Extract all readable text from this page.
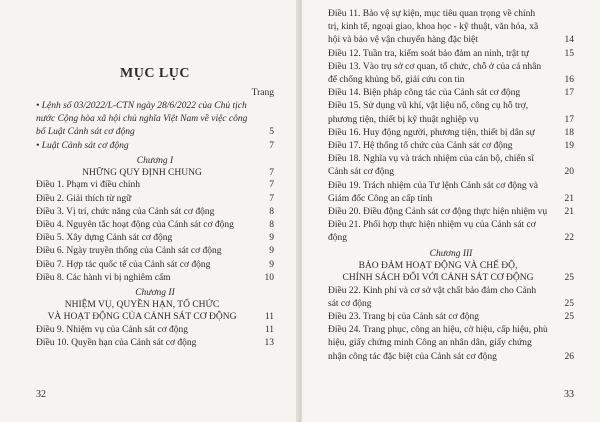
MỤC LỤC
Trang
• Lệnh số 03/2022/L-CTN ngày 28/6/2022 của Chủ tịch nước Cộng hòa xã hội chủ nghĩa Việt Nam về việc công bố Luật Cảnh sát cơ động	5
• Luật Cảnh sát cơ động	7
Chương I
NHỮNG QUY ĐỊNH CHUNG	7
Điều 1. Phạm vi điều chỉnh	7
Điều 2. Giải thích từ ngữ	7
Điều 3. Vị trí, chức năng của Cảnh sát cơ động	8
Điều 4. Nguyên tắc hoạt động của Cảnh sát cơ động	8
Điều 5. Xây dựng Cảnh sát cơ động	9
Điều 6. Ngày truyền thống của Cảnh sát cơ động	9
Điều 7. Hợp tác quốc tế của Cảnh sát cơ động	9
Điều 8. Các hành vi bị nghiêm cấm	10
Chương II
NHIỆM VỤ, QUYỀN HẠN, TỔ CHỨC
VÀ HOẠT ĐỘNG CỦA CẢNH SÁT CƠ ĐỘNG	11
Điều 9. Nhiệm vụ của Cảnh sát cơ động	11
Điều 10. Quyền hạn của Cảnh sát cơ động	13
32
Điều 11. Bảo vệ sự kiện, mục tiêu quan trọng về chính trị, kinh tế, ngoại giao, khoa học - kỹ thuật, văn hóa, xã hội và bảo vệ vận chuyển hàng đặc biệt	14
Điều 12. Tuần tra, kiểm soát bảo đảm an ninh, trật tự	15
Điều 13. Vào trụ sở cơ quan, tổ chức, chỗ ở của cá nhân để chống khủng bố, giải cứu con tin	16
Điều 14. Biện pháp công tác của Cảnh sát cơ động	17
Điều 15. Sử dụng vũ khí, vật liệu nổ, công cụ hỗ trợ, phương tiện, thiết bị kỹ thuật nghiệp vụ	17
Điều 16. Huy động người, phương tiện, thiết bị dân sự	18
Điều 17. Hệ thống tổ chức của Cảnh sát cơ động	19
Điều 18. Nghĩa vụ và trách nhiệm của cán bộ, chiến sĩ Cảnh sát cơ động	20
Điều 19. Trách nhiệm của Tư lệnh Cảnh sát cơ động và Giám đốc Công an cấp tỉnh	21
Điều 20. Điều động Cảnh sát cơ động thực hiện nhiệm vụ	21
Điều 21. Phối hợp thực hiện nhiệm vụ của Cảnh sát cơ động	22
Chương III
BẢO ĐẢM HOẠT ĐỘNG VÀ CHẾ ĐỘ,
CHÍNH SÁCH ĐỐI VỚI CẢNH SÁT CƠ ĐỘNG	25
Điều 22. Kinh phí và cơ sở vật chất bảo đảm cho Cảnh sát cơ động	25
Điều 23. Trang bị của Cảnh sát cơ động	25
Điều 24. Trang phục, công an hiệu, cờ hiệu, cấp hiệu, phù hiệu, giấy chứng minh Công an nhân dân, giấy chứng nhận công tác đặc biệt của Cảnh sát cơ động	26
33
